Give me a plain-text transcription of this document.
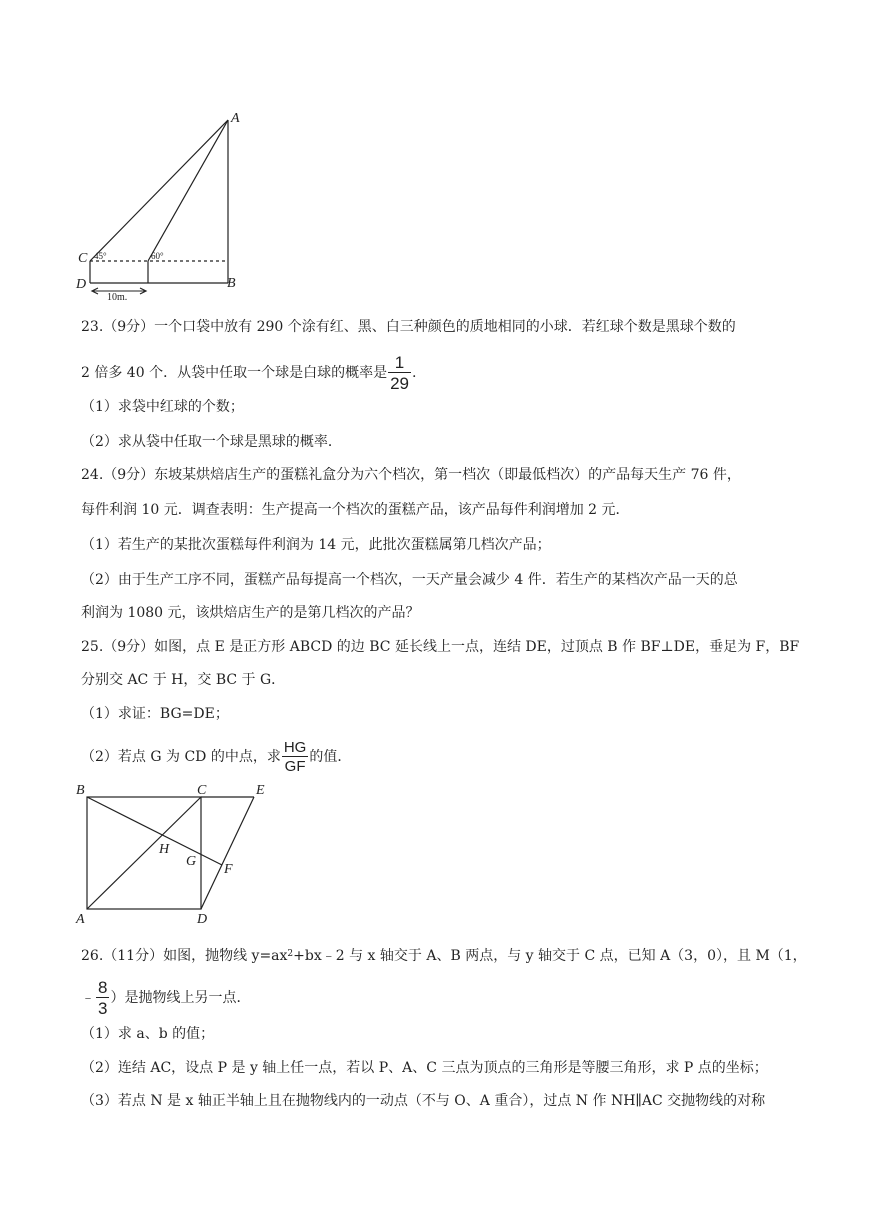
A
B
C
D
45°	60°
10m.
23.（9分）一个口袋中放有 290 个涂有红、黑、白三种颜色的质地相同的小球．若红球个数是黑球个数的
2 倍多 40 个．从袋中任取一个球是白球的概率是 $\frac{1}{29}$ .
（1）求袋中红球的个数；
（2）求从袋中任取一个球是黑球的概率．
24.（9分）东坡某烘焙店生产的蛋糕礼盒分为六个档次，第一档次（即最低档次）的产品每天生产 76 件，
每件利润 10 元．调查表明：生产提高一个档次的蛋糕产品，该产品每件利润增加 2 元．
（1）若生产的某批次蛋糕每件利润为 14 元，此批次蛋糕属第几档次产品；
（2）由于生产工序不同，蛋糕产品每提高一个档次，一天产量会减少 4 件．若生产的某档次产品一天的总
利润为 1080 元，该烘焙店生产的是第几档次的产品？
25.（9分）如图，点 E 是正方形 ABCD 的边 BC 延长线上一点，连结 DE，过顶点 B 作 BF⊥DE，垂足为 F，BF
分别交 AC 于 H，交 BC 于 G．
（1）求证：BG=DE；
（2）若点 G 为 CD 的中点，求 $\frac{HG}{GF}$ 的值．
B	C	E
H
G
F
A	D
26.（11分）如图，抛物线 $y=ax^2+bx﹣2$ 与 x 轴交于 A、B 两点，与 y 轴交于 C 点，已知 A（3，0），且 M（1，
﹣ $\frac{8}{3}$ ）是抛物线上另一点．
（1）求 a、b 的值；
（2）连结 AC，设点 P 是 y 轴上任一点，若以 P、A、C 三点为顶点的三角形是等腰三角形，求 P 点的坐标；
（3）若点 N 是 x 轴正半轴上且在抛物线内的一动点（不与 O、A 重合），过点 N 作 NH∥AC 交抛物线的对称
